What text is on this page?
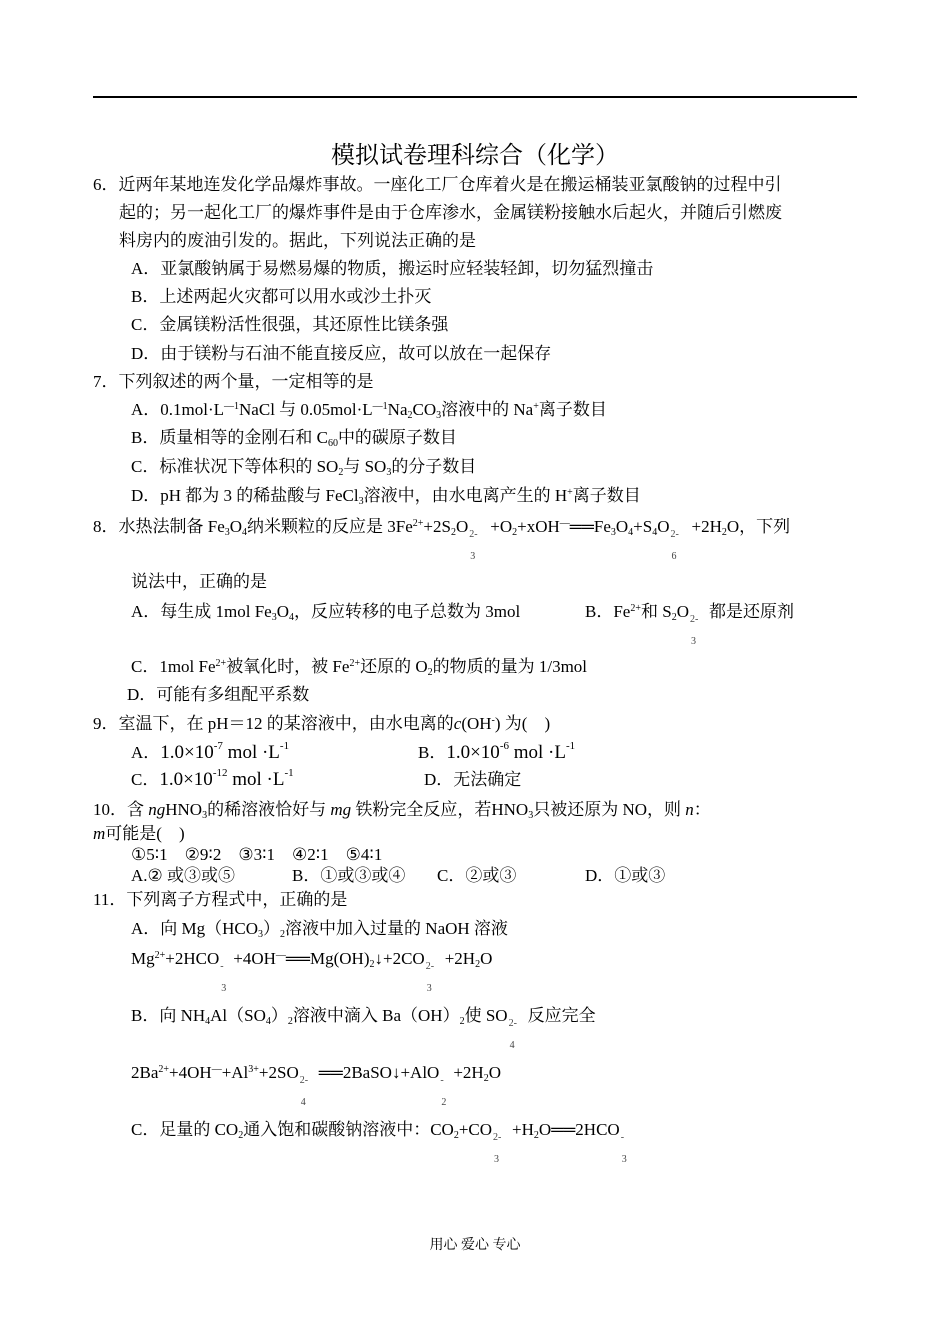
模拟试卷理科综合（化学）
6．近两年某地连发化学品爆炸事故。一座化工厂仓库着火是在搬运桶装亚氯酸钠的过程中引
起的；另一起化工厂的爆炸事件是由于仓库渗水，金属镁粉接触水后起火，并随后引燃废
料房内的废油引发的。据此，下列说法正确的是
A．亚氯酸钠属于易燃易爆的物质，搬运时应轻装轻卸，切勿猛烈撞击
B．上述两起火灾都可以用水或沙土扑灭
C．金属镁粉活性很强，其还原性比镁条强
D．由于镁粉与石油不能直接反应，故可以放在一起保存
7．下列叙述的两个量，一定相等的是
A．$0.1mol\cdot L^{—1}NaCl$ 与 $0.05mol\cdot L^{—1}Na_2CO_3$溶液中的 Na+离子数目
B．质量相等的金刚石和 $C_{60}$中的碳原子数目
C．标准状况下等体积的 $SO_2$与 $SO_3$的分子数目
D．pH 都为 3 的稀盐酸与 FeCl$_3$溶液中，由水电离产生的 H+离子数目
8．水热法制备 $Fe_3O_4$纳米颗粒的反应是 $3Fe^{2+}+2S_2O$ 2-
3
$+O_2+xOH^—══Fe_3O_4+S_4O$ 2-
6
$+2H_2O$，下列
说法中，正确的是
A．每生成 1mol $Fe_3O_4$，反应转移的电子总数为 3mol	B．$Fe^{2+}$和 $S_2O$ 2-
3
都是还原剂
C．1mol $Fe^{2+}$被氧化时，被 $Fe^{2+}$还原的 $O_2$的物质的量为 1/3mol
D．可能有多组配平系数
9．室温下，在 pH＝12 的某溶液中，由水电离的c(OH-) 为(　)
A．$1.0\times 10^{-7}$ mol $\cdot L^{-1}$	B．$1.0\times 10^{-6}$ mol $\cdot L^{-1}$
C．$1.0\times 10^{-12}$ mol $\cdot L^{-1}$	D．无法确定
10．含 ngHNO$_3$的稀溶液恰好与 mg 铁粉完全反应，若$HNO_3$只被还原为 NO，则 n：
m可能是(　)
①5∶1　②9∶2　③3∶1　④2∶1　⑤4∶1
A.② 或③或⑤	B．①或③或④ C．②或③	D．①或③
11．下列离子方程式中，正确的是
A．向 $Mg(HCO_3)_2$溶液中加入过量的 NaOH 溶液
$Mg^{2+}+2HCO$ -
3
$+4OH^—══Mg(OH)_2↓+2CO$ 2-
3
$+2H_2O$
B．向 $NH_4Al(SO_4)_2$溶液中滴入 $Ba(OH)_2$使 SO 2-
4
反应完全
$2Ba^{2+}+4OH^—+Al^{3+}+2SO$ 2-
4
══2BaSO↓+AlO -
2
$+2H_2O$
C．足量的 $CO_2$通入饱和碳酸钠溶液中：$CO_2+CO$ 2-
3
$+H_2O══2HCO$ -
3
用心 爱心 专心
